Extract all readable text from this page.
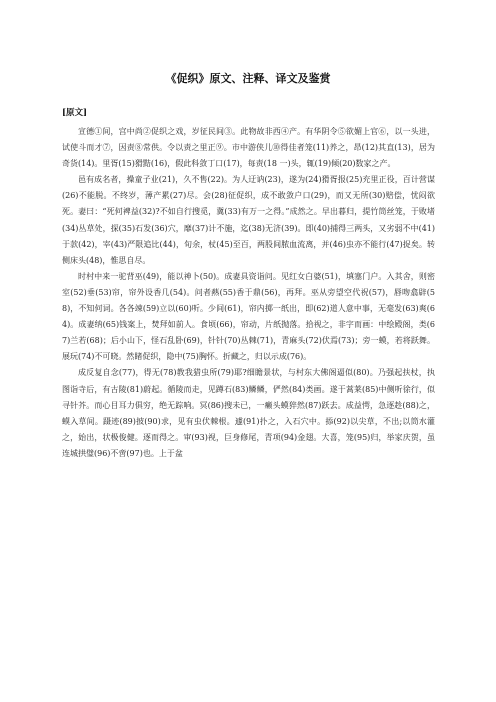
《促织》原文、注释、译文及鉴赏
[原文]

宣德①间，宫中尚②促织之戏，岁征民间③。此物故非西④产。有华阴令⑤欲媚上官⑥，以一头进，试使斗而才⑦，因责⑧常供。令以责之里正⑨。市中游侠儿⑩得佳者笼(11)养之，昂(12)其直(13)，居为奇货(14)。里胥(15)猾黠(16)，假此科敛丁口(17)，每责(18 一)头，辄(19)倾(20)数家之产。

邑有成名者，操童子业(21)，久不售(22)。为人迂讷(23)，遂为(24)猾胥报(25)充里正役，百计营谋(26)不能脱。不终岁，薄产累(27)尽。会(28)征促织，成不敢敛户口(29)，而又无所(30)赔偿，忧闷欲死。妻曰：“死何裨益(32)?不如自行搜觅，冀(33)有万一之得。”成然之。早出暮归，提竹筒丝笼，于败堵(34)丛草处，探(35)石发(36)穴，靡(37)计不施，迄(38)无济(39)。即(40)捕得三两头，又劣弱不中(41)于款(42)，宰(43)严限追比(44)，旬余，杖(45)至百，两股间脓血流离，并(46)虫亦不能行(47)捉矣。转侧床头(48)，惟思自尽。

时村中来一驼背巫(49)，能以神卜(50)。成妻具资诣问。见红女白婆(51)，填塞门户。入其舍，则密室(52)垂(53)帘，帘外设香几(54)。问者爇(55)香于鼎(56)，再拜。巫从旁望空代祝(57)，唇吻翕辟(58)，不知何词。各各竦(59)立以(60)听。少间(61)，帘内掷一纸出，即(62)道人意中事，无毫发(63)爽(64)。成妻纳(65)钱案上，焚拜如前人。食顷(66)，帘动，片纸抛落。拾视之，非字而画：中绘殿阁，类(67)兰若(68)；后小山下，怪石乱卧(69)，针针(70)丛棘(71)，青麻头(72)伏焉(73)；旁一蟆，若将跃舞。展玩(74)不可晓。然睹促织，隐中(75)胸怀。折藏之，归以示成(76)。

成反复自念(77)，得无(78)教我猎虫所(79)耶?细瞻景状，与村东大佛阁逼似(80)。乃强起扶杖，执图诣寺后，有古陵(81)蔚起。循陵而走，见蹲石(83)鳞鳞，俨然(84)类画。遂于蒿莱(85)中侧听徐行，似寻针芥。而心目耳力俱穷，绝无踪响。冥(86)搜未已，一癞头蟆猝然(87)跃去。成益愕，急逐趁(88)之，蟆入草间。蹑迹(89)披(90)求，见有虫伏棘根。遽(91)扑之，入石穴中。掭(92)以尖草，不出;以筒水灌之，始出，状极俊健。逐而得之。审(93)视，巨身修尾，青项(94)金翅。大喜，笼(95)归，举家庆贺，虽连城拱璧(96)不啻(97)也。上于盆
